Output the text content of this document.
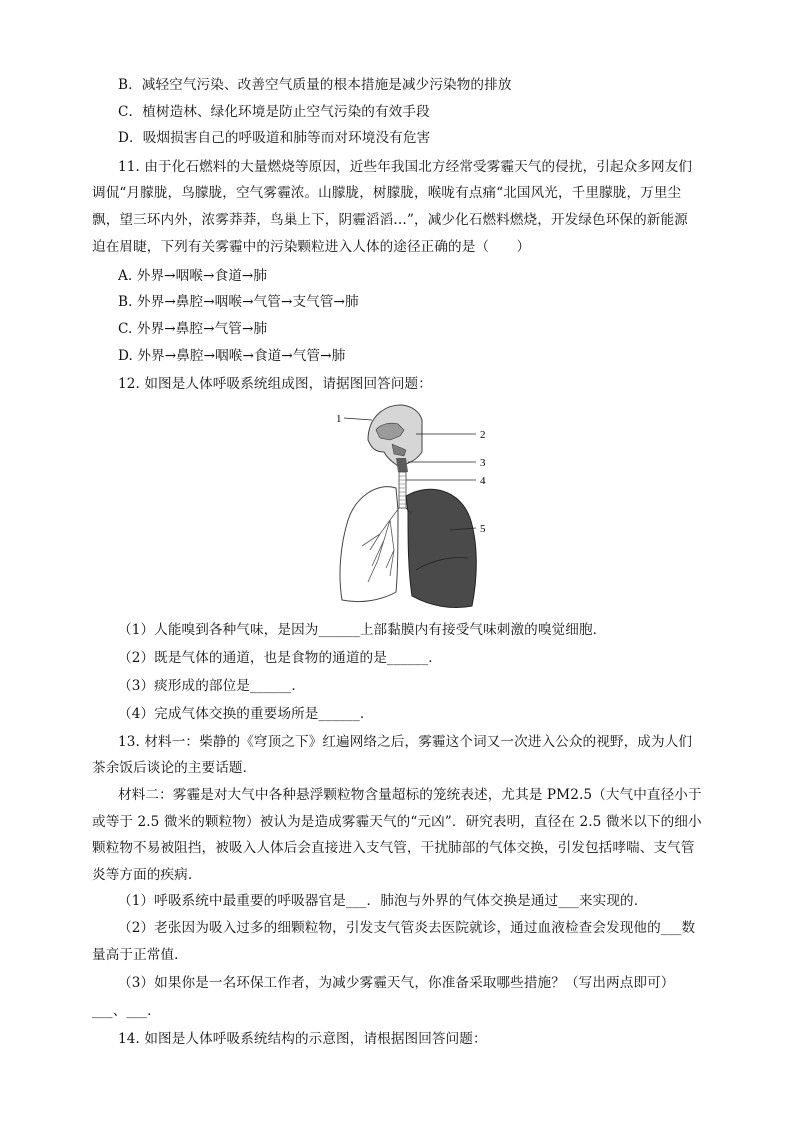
B．减轻空气污染、改善空气质量的根本措施是减少污染物的排放
C．植树造林、绿化环境是防止空气污染的有效手段
D．吸烟损害自己的呼吸道和肺等而对环境没有危害
11. 由于化石燃料的大量燃烧等原因，近些年我国北方经常受雾霾天气的侵扰，引起众多网友们
调侃“月朦胧，鸟朦胧，空气雾霾浓。山朦胧，树朦胧，喉咙有点痛“北国风光，千里朦胧，万里尘
飘，望三环内外，浓雾莽莽，鸟巢上下，阴霾滔滔…”，减少化石燃料燃烧，开发绿色环保的新能源
迫在眉睫，下列有关雾霾中的污染颗粒进入人体的途径正确的是（　　）
A. 外界→咽喉→食道→肺
B. 外界→鼻腔→咽喉→气管→支气管→肺
C. 外界→鼻腔→气管→肺
D. 外界→鼻腔→咽喉→食道→气管→肺
12. 如图是人体呼吸系统组成图，请据图回答问题：
1
2
3
4
5
（1）人能嗅到各种气味，是因为______上部黏膜内有接受气味刺激的嗅觉细胞．
（2）既是气体的通道，也是食物的通道的是______．
（3）痰形成的部位是______．
（4）完成气体交换的重要场所是______．
13. 材料一：柴静的《穹顶之下》红遍网络之后，雾霾这个词又一次进入公众的视野，成为人们
茶余饭后谈论的主要话题．
材料二：雾霾是对大气中各种悬浮颗粒物含量超标的笼统表述，尤其是 PM2.5（大气中直径小于
或等于 2.5 微米的颗粒物）被认为是造成雾霾天气的“元凶”．研究表明，直径在 2.5 微米以下的细小
颗粒物不易被阻挡，被吸入人体后会直接进入支气管，干扰肺部的气体交换，引发包括哮喘、支气管
炎等方面的疾病．
（1）呼吸系统中最重要的呼吸器官是___．肺泡与外界的气体交换是通过___来实现的．
（2）老张因为吸入过多的细颗粒物，引发支气管炎去医院就诊，通过血液检查会发现他的___数
量高于正常值．
（3）如果你是一名环保工作者，为减少雾霾天气，你准备采取哪些措施？（写出两点即可）
___、___．
14. 如图是人体呼吸系统结构的示意图，请根据图回答问题：
